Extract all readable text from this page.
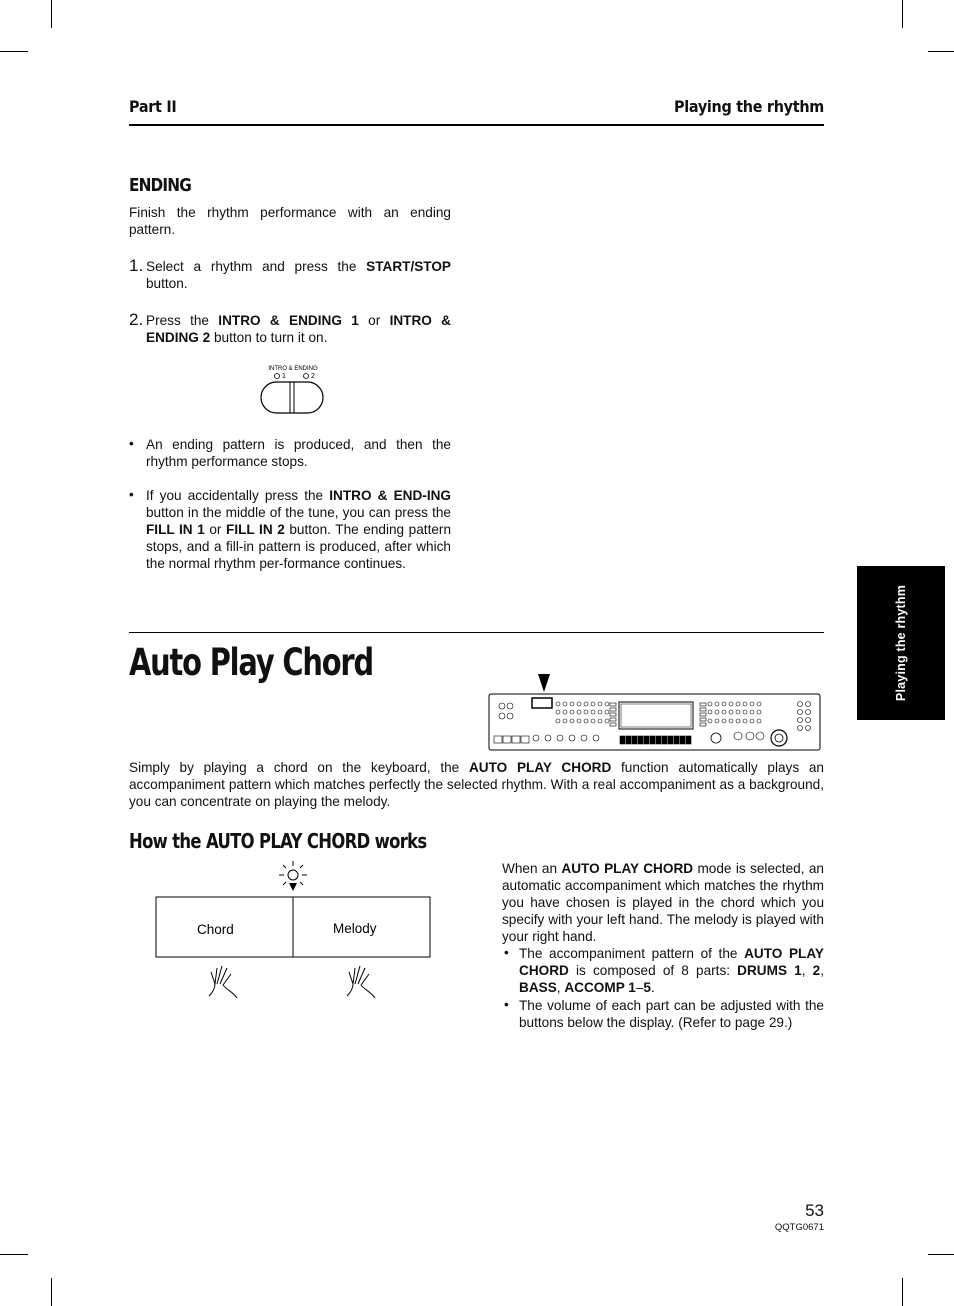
Part II	Playing the rhythm
Playing the rhythm
ENDING
Finish the rhythm performance with an ending pattern.
1. Select a rhythm and press the START/STOP button.
2. Press the INTRO & ENDING 1 or INTRO & ENDING 2 button to turn it on.
INTRO & ENDING
1	2
• An ending pattern is produced, and then the rhythm performance stops.
• If you accidentally press the INTRO & END-ING button in the middle of the tune, you can press the FILL IN 1 or FILL IN 2 button. The ending pattern stops, and a fill-in pattern is produced, after which the normal rhythm per-formance continues.
Auto Play Chord
Simply by playing a chord on the keyboard, the AUTO PLAY CHORD function automatically plays an accompaniment pattern which matches perfectly the selected rhythm. With a real accompaniment as a background, you can concentrate on playing the melody.
How the AUTO PLAY CHORD works
Chord	Melody
When an AUTO PLAY CHORD mode is selected, an automatic accompaniment which matches the rhythm you have chosen is played in the chord which you specify with your left hand. The melody is played with your right hand.
• The accompaniment pattern of the AUTO PLAY CHORD is composed of 8 parts: DRUMS 1, 2, BASS, ACCOMP 1–5.
• The volume of each part can be adjusted with the buttons below the display. (Refer to page 29.)
53
QQTG0671
